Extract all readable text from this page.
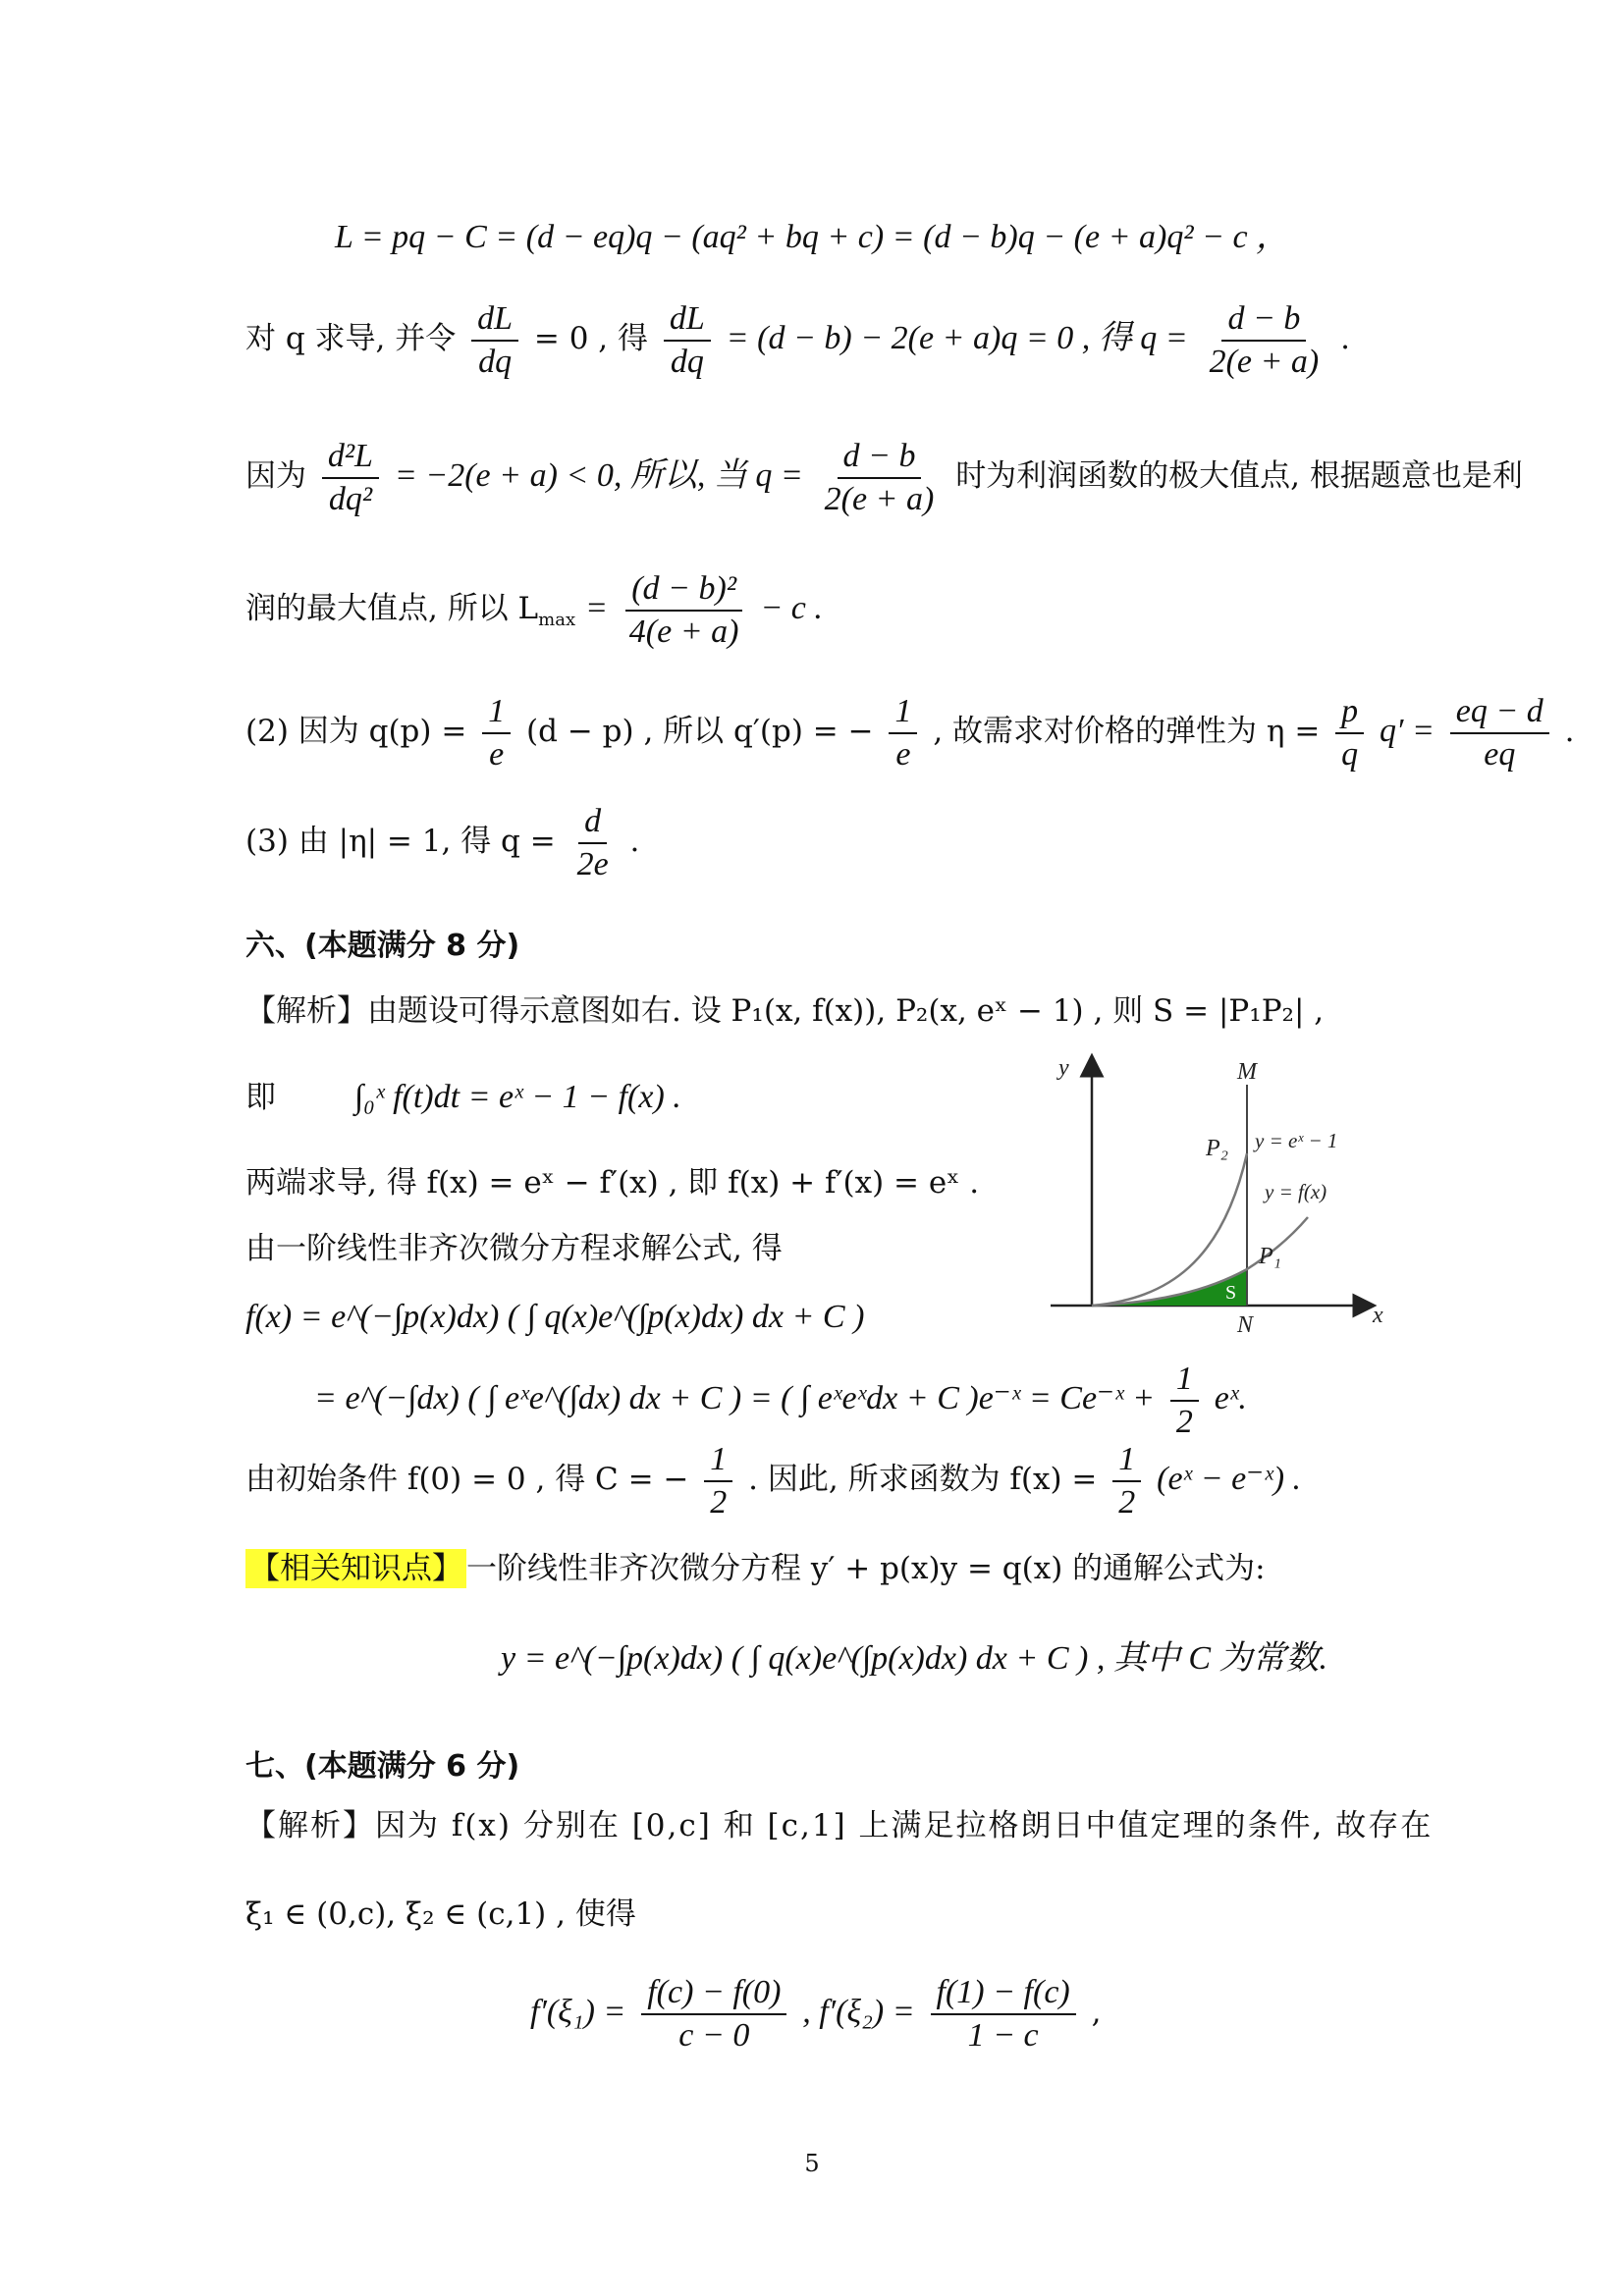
L = pq − C = (d − eq)q − (aq² + bq + c) = (d − b)q − (e + a)q² − c ，
对 q 求导, 并令 $\frac{dL}{dq} = 0$ , 得 $\frac{dL}{dq} = (d - b) - 2(e + a)q = 0$ , 得 $q = \frac{d - b}{2(e + a)}$ .
因为 $\frac{\text{d²L}}{\text{dq²}} = -2(e + a) < 0$, 所以, 当 $q = \frac{d - b}{2(e + a)}$ 时为利润函数的极大值点, 根据题意也是利
润的最大值点, 所以 $L_{max} = \frac{\text{(d − b)²}}{4(e + a)} - c$ .
(2) 因为 $q(p) = \frac{1}{e} (d - p)$ , 所以 q′(p) = − $\frac{1}{e}$ , 故需求对价格的弹性为 $\eta = \frac{p}{q} q' = \frac{eq - d}{eq}$ .
(3) 由 |η| = 1, 得 $q = \frac{d}{2e}$ .
六、(本题满分 8 分)
【解析】由题设可得示意图如右. 设 P₁(x, f(x)), P₂(x, eˣ − 1) , 则 S = |P₁P₂| ,
即 ∫₀ˣ f(t)dt = eˣ − 1 − f(x) .
两端求导, 得 f(x) = eˣ − f′(x) , 即 f(x) + f′(x) = eˣ .
由一阶线性非齐次微分方程求解公式, 得
f(x) = e^(−∫p(x)dx) ( ∫ q(x)e^(∫p(x)dx) dx + C )
= e^(−∫dx) ( ∫ eˣe^(∫dx) dx + C ) = ( ∫ eˣeˣdx + C )e⁻ˣ = Ce⁻ˣ + $\frac{1}{2}$ eˣ.
由初始条件 f(0) = 0 , 得 C = − $\frac{1}{2}$ . 因此, 所求函数为 $f(x) = \frac{1}{2}$ (eˣ − e⁻ˣ) .
【相关知识点】 一阶线性非齐次微分方程 y′ + p(x)y = q(x) 的通解公式为:
y = e^(−∫p(x)dx) ( ∫ q(x)e^(∫p(x)dx) dx + C ) , 其中 C 为常数.
七、(本题满分 6 分)
【解析】因为 f(x) 分别在 [0,c] 和 [c,1] 上满足拉格朗日中值定理的条件, 故存在
ξ₁ ∈ (0,c), ξ₂ ∈ (c,1) , 使得
$f'(\xi_1) = \frac{f(c) - f(0)}{c - 0}$ , $f'(\xi_2) = \frac{f(1) - f(c)}{1 - c}$ ,
y
x
M
N
P₂
P₁
S
y = eˣ − 1
y = f(x)
5
